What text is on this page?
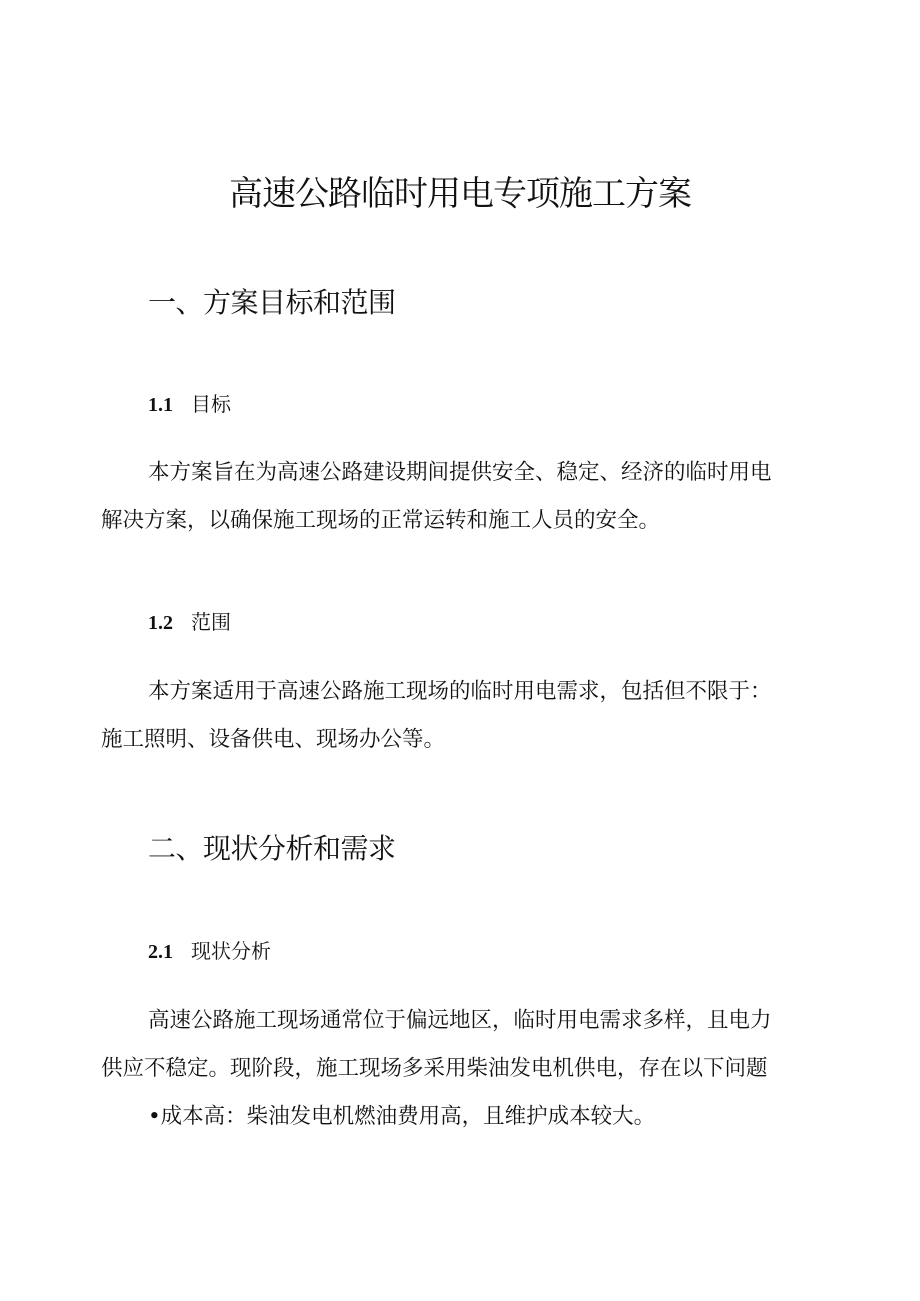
高速公路临时用电专项施工方案
一、方案目标和范围
1.1 目标
本方案旨在为高速公路建设期间提供安全、稳定、经济的临时用电
解决方案，以确保施工现场的正常运转和施工人员的安全。
1.2 范围
本方案适用于高速公路施工现场的临时用电需求，包括但不限于：
施工照明、设备供电、现场办公等。
二、现状分析和需求
2.1 现状分析
高速公路施工现场通常位于偏远地区，临时用电需求多样，且电力
供应不稳定。现阶段，施工现场多采用柴油发电机供电，存在以下问题

•成本高：柴油发电机燃油费用高，且维护成本较大。
